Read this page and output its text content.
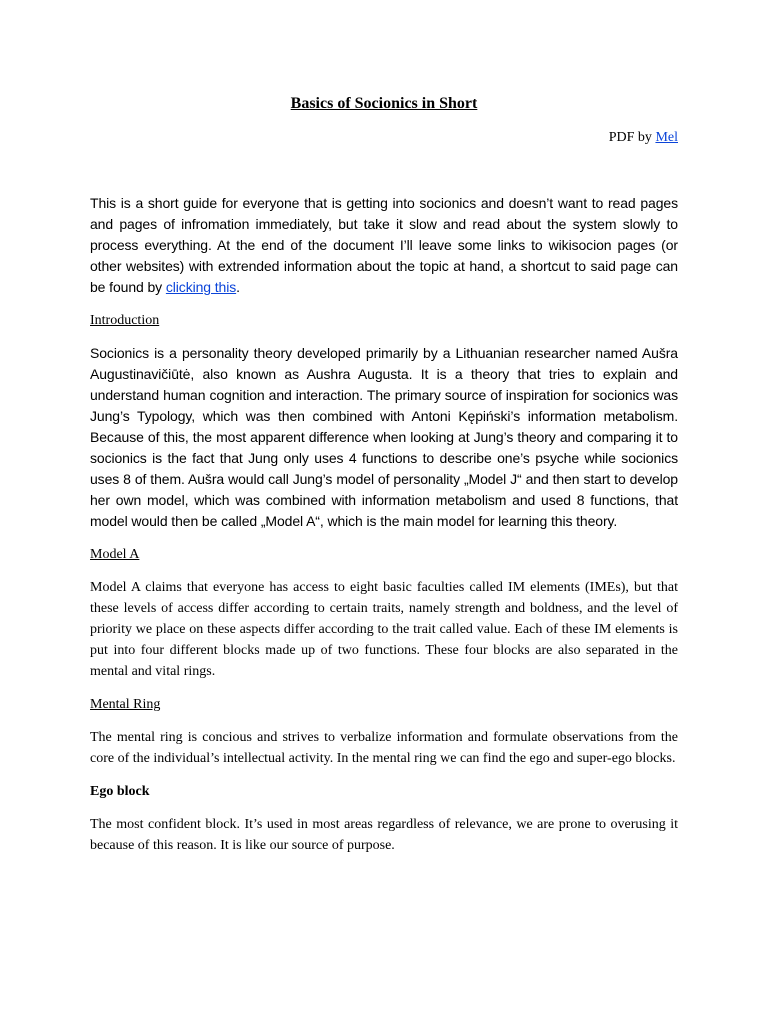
Basics of Socionics in Short

PDF by Mel

This is a short guide for everyone that is getting into socionics and doesn’t want to read pages and pages of infromation immediately, but take it slow and read about the system slowly to process everything. At the end of the document I’ll leave some links to wikisocion pages (or other websites) with extrended information about the topic at hand, a shortcut to said page can be found by clicking this.

Introduction

Socionics is a personality theory developed primarily by a Lithuanian researcher named Aušra Augustinavičiūtė, also known as Aushra Augusta. It is a theory that tries to explain and understand human cognition and interaction. The primary source of inspiration for socionics was Jung’s Typology, which was then combined with Antoni Kępiński’s information metabolism. Because of this, the most apparent difference when looking at Jung’s theory and comparing it to socionics is the fact that Jung only uses 4 functions to describe one’s psyche while socionics uses 8 of them. Aušra would call Jung’s model of personality „Model J“ and then start to develop her own model, which was combined with information metabolism and used 8 functions, that model would then be called „Model A“, which is the main model for learning this theory.

Model A

Model A claims that everyone has access to eight basic faculties called IM elements (IMEs), but that these levels of access differ according to certain traits, namely strength and boldness, and the level of priority we place on these aspects differ according to the trait called value. Each of these IM elements is put into four different blocks made up of two functions. These four blocks are also separated in the mental and vital rings.

Mental Ring

The mental ring is concious and strives to verbalize information and formulate observations from the core of the individual’s intellectual activity. In the mental ring we can find the ego and super-ego blocks.

Ego block

The most confident block. It’s used in most areas regardless of relevance, we are prone to overusing it because of this reason. It is like our source of purpose.
